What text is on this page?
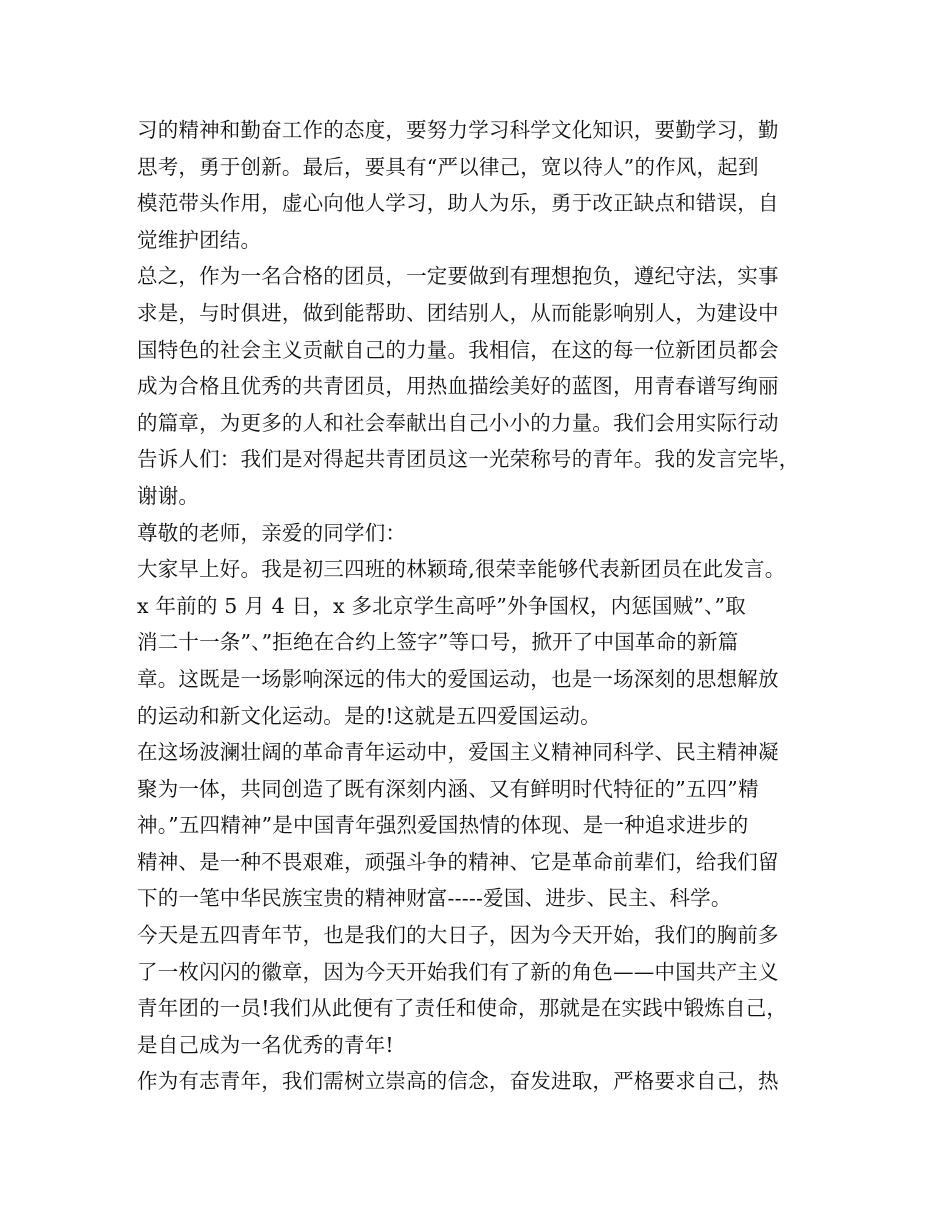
习的精神和勤奋工作的态度，要努力学习科学文化知识，要勤学习，勤
思考，勇于创新。最后，要具有“严以律己，宽以待人”的作风，起到
模范带头作用，虚心向他人学习，助人为乐，勇于改正缺点和错误，自
觉维护团结。
总之，作为一名合格的团员，一定要做到有理想抱负，遵纪守法，实事
求是，与时俱进，做到能帮助、团结别人，从而能影响别人，为建设中
国特色的社会主义贡献自己的力量。我相信，在这的每一位新团员都会
成为合格且优秀的共青团员，用热血描绘美好的蓝图，用青春谱写绚丽
的篇章，为更多的人和社会奉献出自己小小的力量。我们会用实际行动
告诉人们：我们是对得起共青团员这一光荣称号的青年。我的发言完毕，
谢谢。
尊敬的老师，亲爱的同学们：
大家早上好。我是初三四班的林颖琦,很荣幸能够代表新团员在此发言。
x 年前的 5 月 4 日，x 多北京学生高呼”外争国权，内惩国贼”、”取
消二十一条”、”拒绝在合约上签字”等口号，掀开了中国革命的新篇
章。这既是一场影响深远的伟大的爱国运动，也是一场深刻的思想解放
的运动和新文化运动。是的!这就是五四爱国运动。
在这场波澜壮阔的革命青年运动中，爱国主义精神同科学、民主精神凝
聚为一体，共同创造了既有深刻内涵、又有鲜明时代特征的”五四”精
神。”五四精神”是中国青年强烈爱国热情的体现、是一种追求进步的
精神、是一种不畏艰难，顽强斗争的精神、它是革命前辈们，给我们留
下的一笔中华民族宝贵的精神财富-----爱国、进步、民主、科学。
今天是五四青年节，也是我们的大日子，因为今天开始，我们的胸前多
了一枚闪闪的徽章，因为今天开始我们有了新的角色——中国共产主义
青年团的一员!我们从此便有了责任和使命，那就是在实践中锻炼自己，
是自己成为一名优秀的青年!
作为有志青年，我们需树立崇高的信念，奋发进取，严格要求自己，热
